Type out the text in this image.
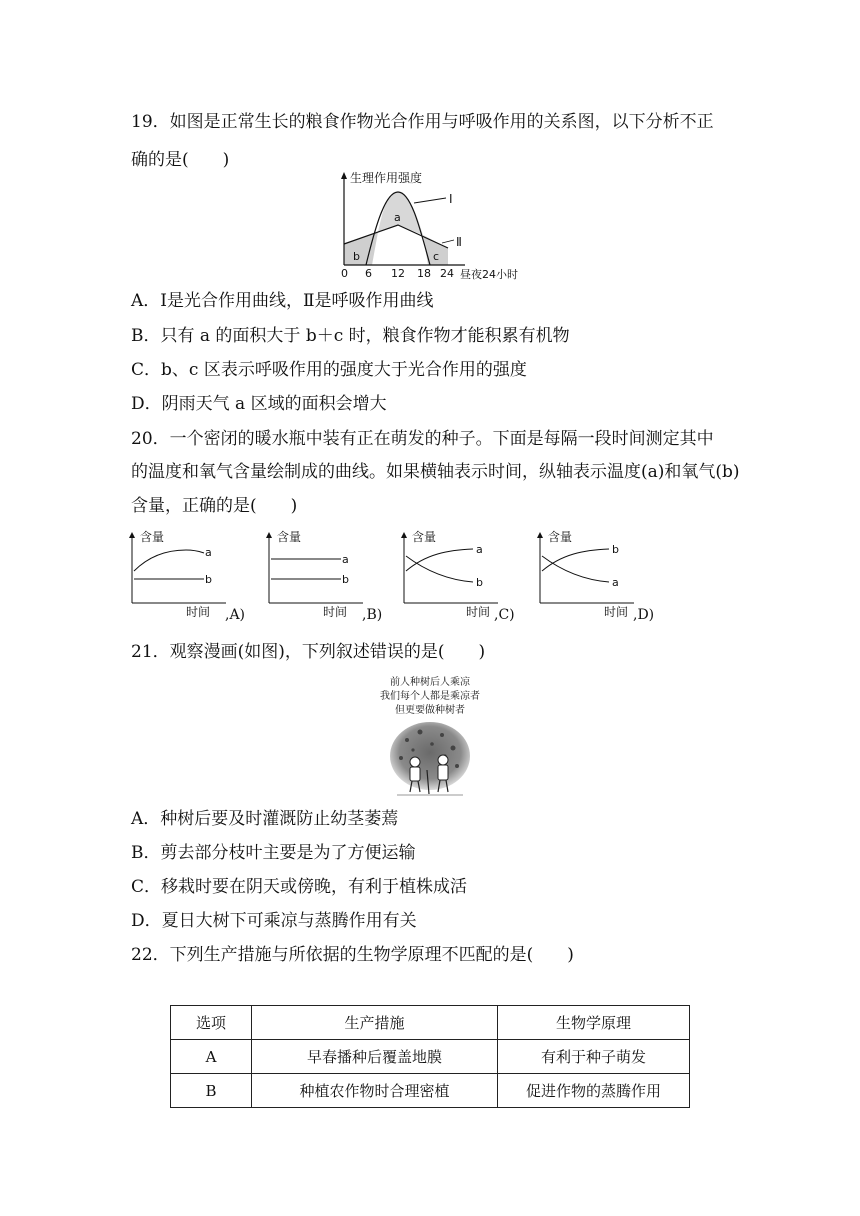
19．如图是正常生长的粮食作物光合作用与呼吸作用的关系图，以下分析不正
确的是(　　)
生理作用强度
Ⅰ
Ⅱ
a
b	c
0 6 12 18 24 昼夜24小时
A．Ⅰ是光合作用曲线，Ⅱ是呼吸作用曲线
B．只有 a 的面积大于 b＋c 时，粮食作物才能积累有机物
C．b、c 区表示呼吸作用的强度大于光合作用的强度
D．阴雨天气 a 区域的面积会增大
20．一个密闭的暖水瓶中装有正在萌发的种子。下面是每隔一段时间测定其中
的温度和氧气含量绘制成的曲线。如果横轴表示时间，纵轴表示温度(a)和氧气(b)
含量，正确的是(　　)
含量
a
b
时间 ,A)
含量
a
b
时间 ,B)
含量
a
b
时间 ,C)
含量
b
a
时间 ,D)
21．观察漫画(如图)，下列叙述错误的是(　　)
前人种树后人乘凉
我们每个人都是乘凉者
但更要做种树者
A．种树后要及时灌溉防止幼茎萎蔫
B．剪去部分枝叶主要是为了方便运输
C．移栽时要在阴天或傍晚，有利于植株成活
D．夏日大树下可乘凉与蒸腾作用有关
22．下列生产措施与所依据的生物学原理不匹配的是(　　)
选项	生产措施	生物学原理
A	早春播种后覆盖地膜	有利于种子萌发
B	种植农作物时合理密植	促进作物的蒸腾作用
